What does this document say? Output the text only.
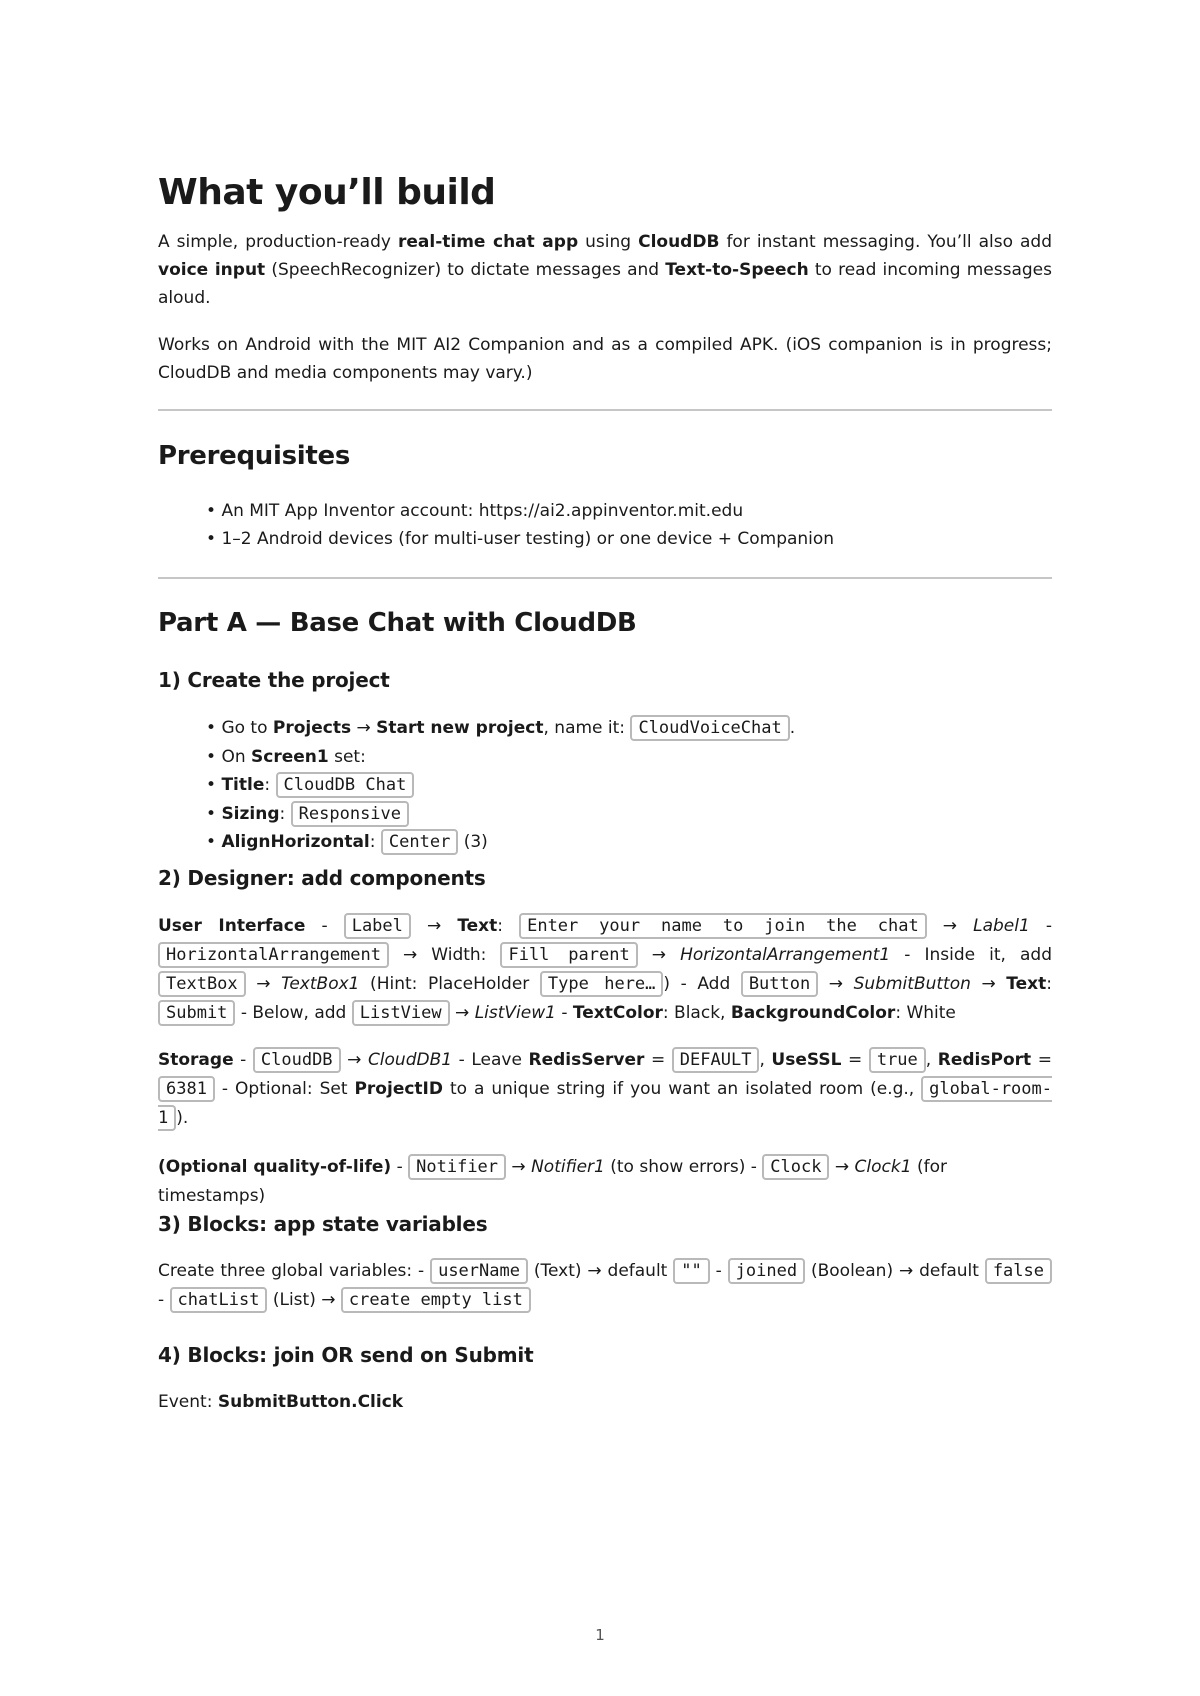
What you’ll build

A simple, production-ready real-time chat app using CloudDB for instant messaging. You’ll also add voice input (SpeechRecognizer) to dictate messages and Text-to-Speech to read incoming messages aloud.

Works on Android with the MIT AI2 Companion and as a compiled APK. (iOS companion is in progress; CloudDB and media components may vary.)

Prerequisites
• An MIT App Inventor account: https://ai2.appinventor.mit.edu
• 1–2 Android devices (for multi-user testing) or one device + Companion
Part A — Base Chat with CloudDB
1) Create the project
• Go to Projects → Start new project, name it: CloudVoiceChat .
• On Screen1 set:
• Title: CloudDB Chat
• Sizing: Responsive
• AlignHorizontal: Center (3)
2) Designer: add components

User Interface - Label → Text: Enter your name to join the chat → Label1 - HorizontalArrangement → Width: Fill parent → HorizontalArrangement1 - Inside it, add TextBox → TextBox1 (Hint: PlaceHolder Type here… ) - Add Button → SubmitButton → Text: Submit - Below, add ListView → ListView1 - TextColor: Black, BackgroundColor: White

Storage - CloudDB → CloudDB1 - Leave RedisServer = DEFAULT , UseSSL = true , RedisPort = 6381 - Optional: Set ProjectID to a unique string if you want an isolated room (e.g., global-room-1 ).

(Optional quality-of-life) - Notifier → Notifier1 (to show errors) - Clock → Clock1 (for timestamps)

3) Blocks: app state variables

Create three global variables: - userName (Text) → default "" - joined (Boolean) → default false - chatList (List) → create empty list

4) Blocks: join OR send on Submit

Event: SubmitButton.Click

1
